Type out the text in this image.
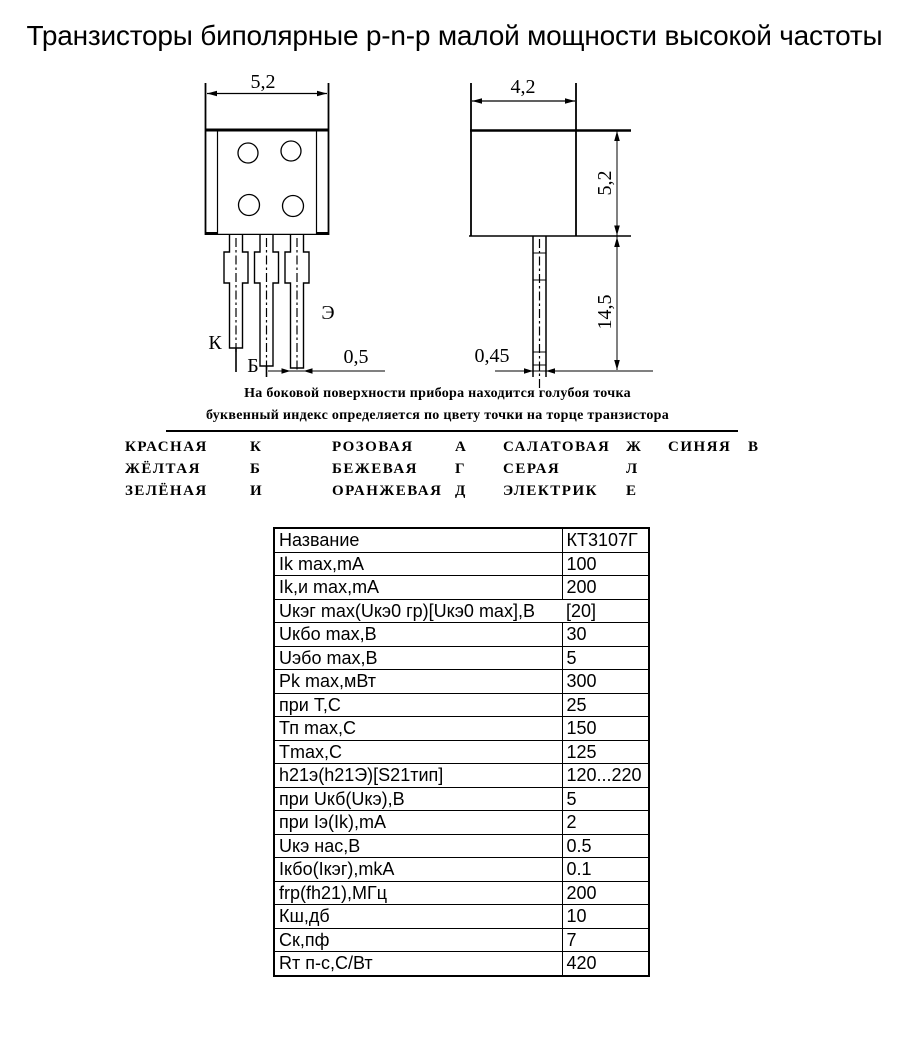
Транзисторы биполярные p-n-p малой мощности высокой частоты
5,2
К
Б
Э
0,5
4,2
0,45
5,2
14,5
На боковой поверхности прибора находится голубоя точка
буквенный индекс определяется по цвету точки на торце транзистора
КРАСНАЯ	К	РОЗОВАЯ	А САЛАТОВАЯ Ж СИНЯЯ В
ЖЁЛТАЯ	Б	БЕЖЕВАЯ Г СЕРАЯ	Л
ЗЕЛЁНАЯ	И	ОРАНЖЕВАЯ Д ЭЛЕКТРИК Е
Название	КТ3107Г
Ik max,mA	100
Ik,и max,mA	200
Uкэг max(Uкэ0 гр)[Uкэ0 max],B	[20]
Uкбо max,B	30
Uэбо max,B	5
Pk max,мВт	300
при Т,С	25
Тп max,C	150
Tmax,C	125
h21э(h21Э)[S21тип]	120...220
при Uкб(Uкэ),B	5
при Iэ(Ik),mA	2
Uкэ нас,B	0.5
Iкбо(Iкэг),mkA	0.1
frp(fh21),МГц	200
Кш,дб	10
Ск,пф	7
Rт п-с,С/Вт	420
